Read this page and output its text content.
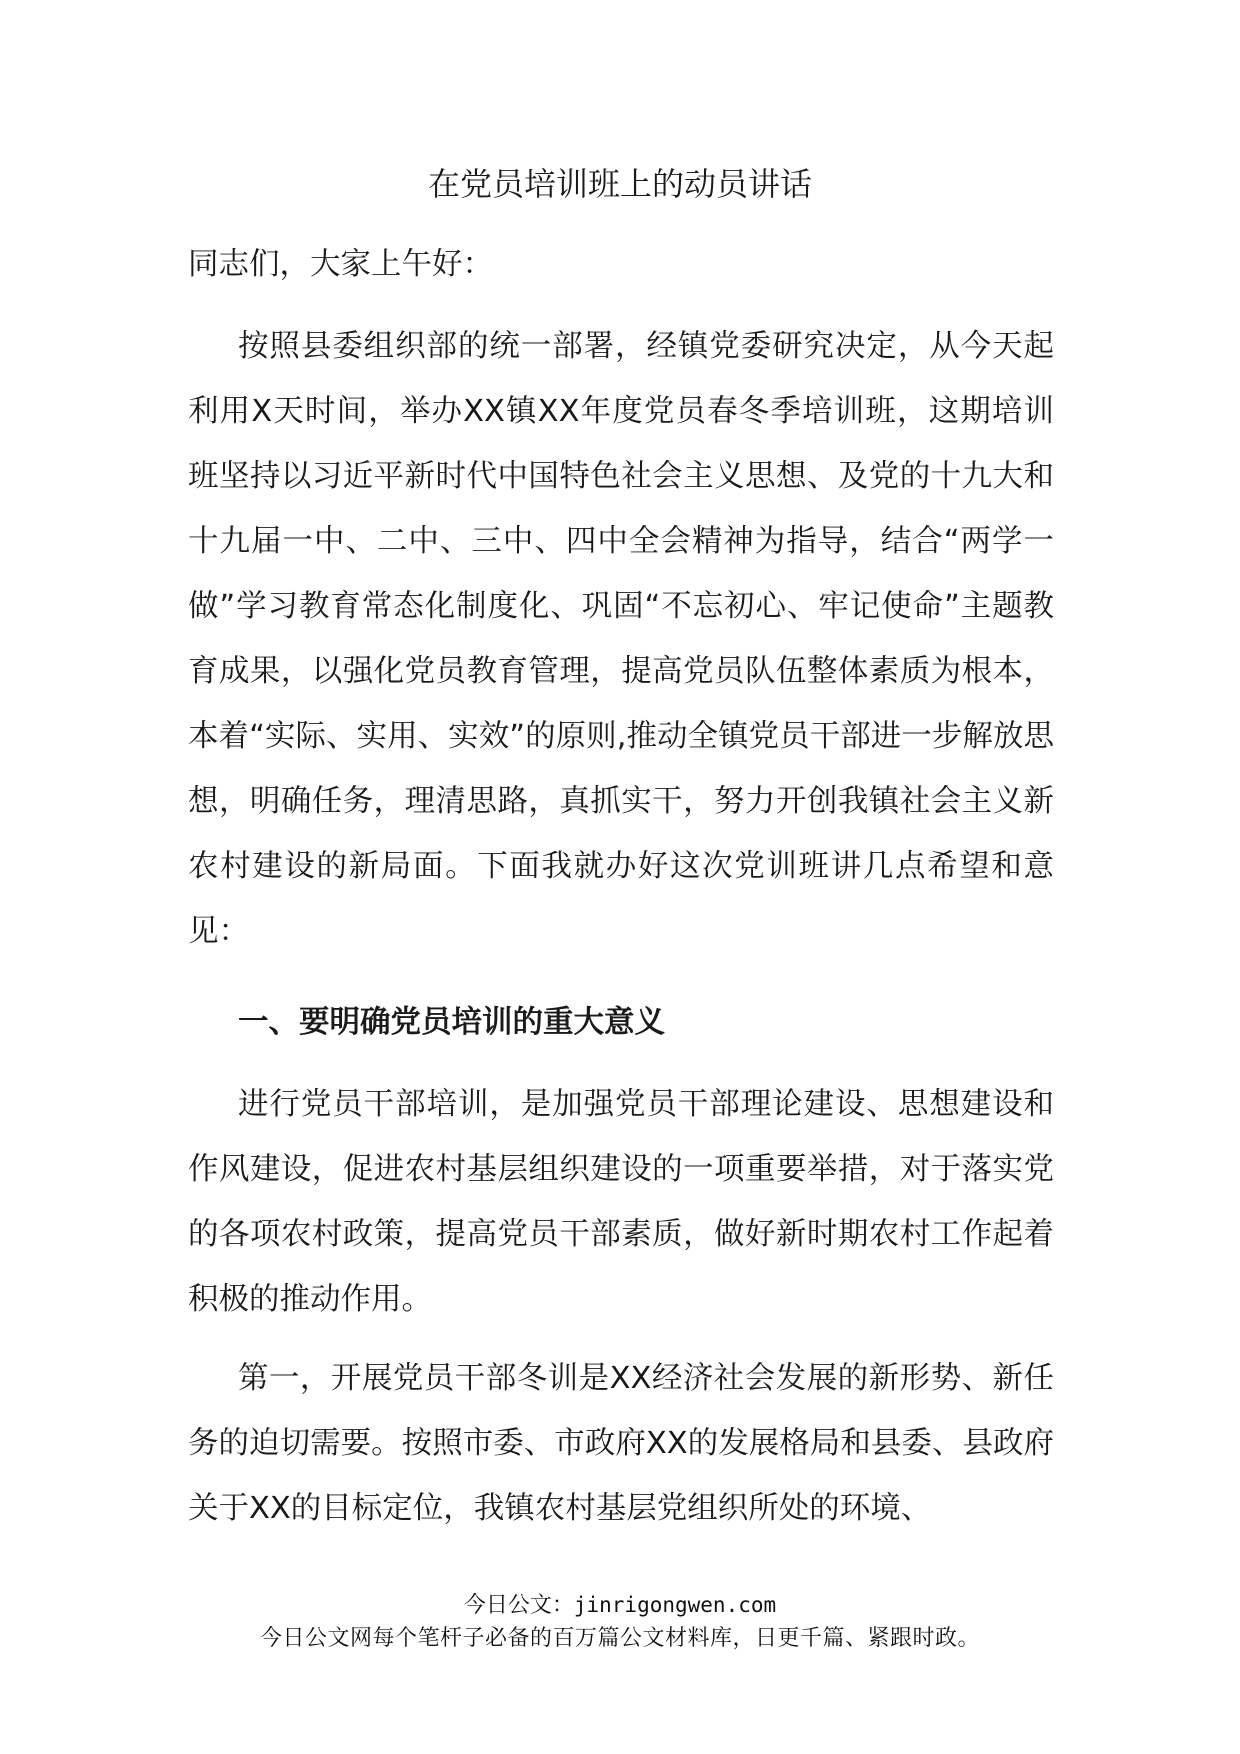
在党员培训班上的动员讲话
同志们，大家上午好：
按照县委组织部的统一部署，经镇党委研究决定，从今天起利用X天时间，举办XX镇XX年度党员春冬季培训班，这期培训班坚持以习近平新时代中国特色社会主义思想、及党的十九大和十九届一中、二中、三中、四中全会精神为指导，结合“两学一做”学习教育常态化制度化、巩固“不忘初心、牢记使命”主题教育成果，以强化党员教育管理，提高党员队伍整体素质为根本，本着“实际、实用、实效”的原则,推动全镇党员干部进一步解放思想，明确任务，理清思路，真抓实干，努力开创我镇社会主义新农村建设的新局面。下面我就办好这次党训班讲几点希望和意见：
一、要明确党员培训的重大意义
进行党员干部培训，是加强党员干部理论建设、思想建设和作风建设，促进农村基层组织建设的一项重要举措，对于落实党的各项农村政策，提高党员干部素质，做好新时期农村工作起着积极的推动作用。
第一，开展党员干部冬训是XX经济社会发展的新形势、新任务的迫切需要。按照市委、市政府XX的发展格局和县委、县政府关于XX的目标定位，我镇农村基层党组织所处的环境、
今日公文：jinrigongwen.com
今日公文网每个笔杆子必备的百万篇公文材料库，日更千篇、紧跟时政。
